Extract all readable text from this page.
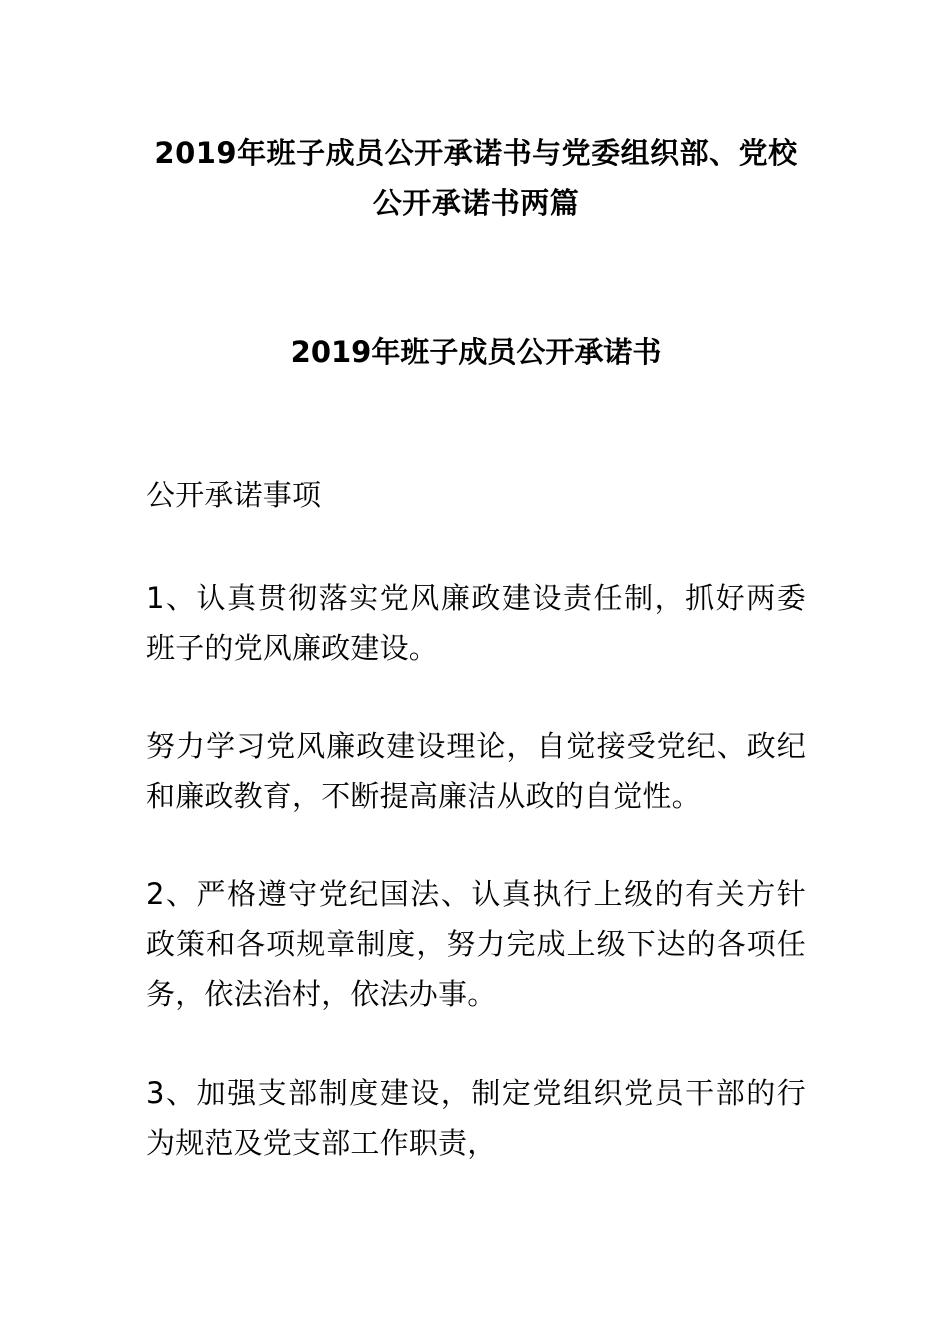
2019年班子成员公开承诺书与党委组织部、党校公开承诺书两篇
2019年班子成员公开承诺书

公开承诺事项

1、认真贯彻落实党风廉政建设责任制，抓好两委班子的党风廉政建设。

努力学习党风廉政建设理论，自觉接受党纪、政纪和廉政教育，不断提高廉洁从政的自觉性。

2、严格遵守党纪国法、认真执行上级的有关方针政策和各项规章制度，努力完成上级下达的各项任务，依法治村，依法办事。

3、加强支部制度建设，制定党组织党员干部的行为规范及党支部工作职责，
